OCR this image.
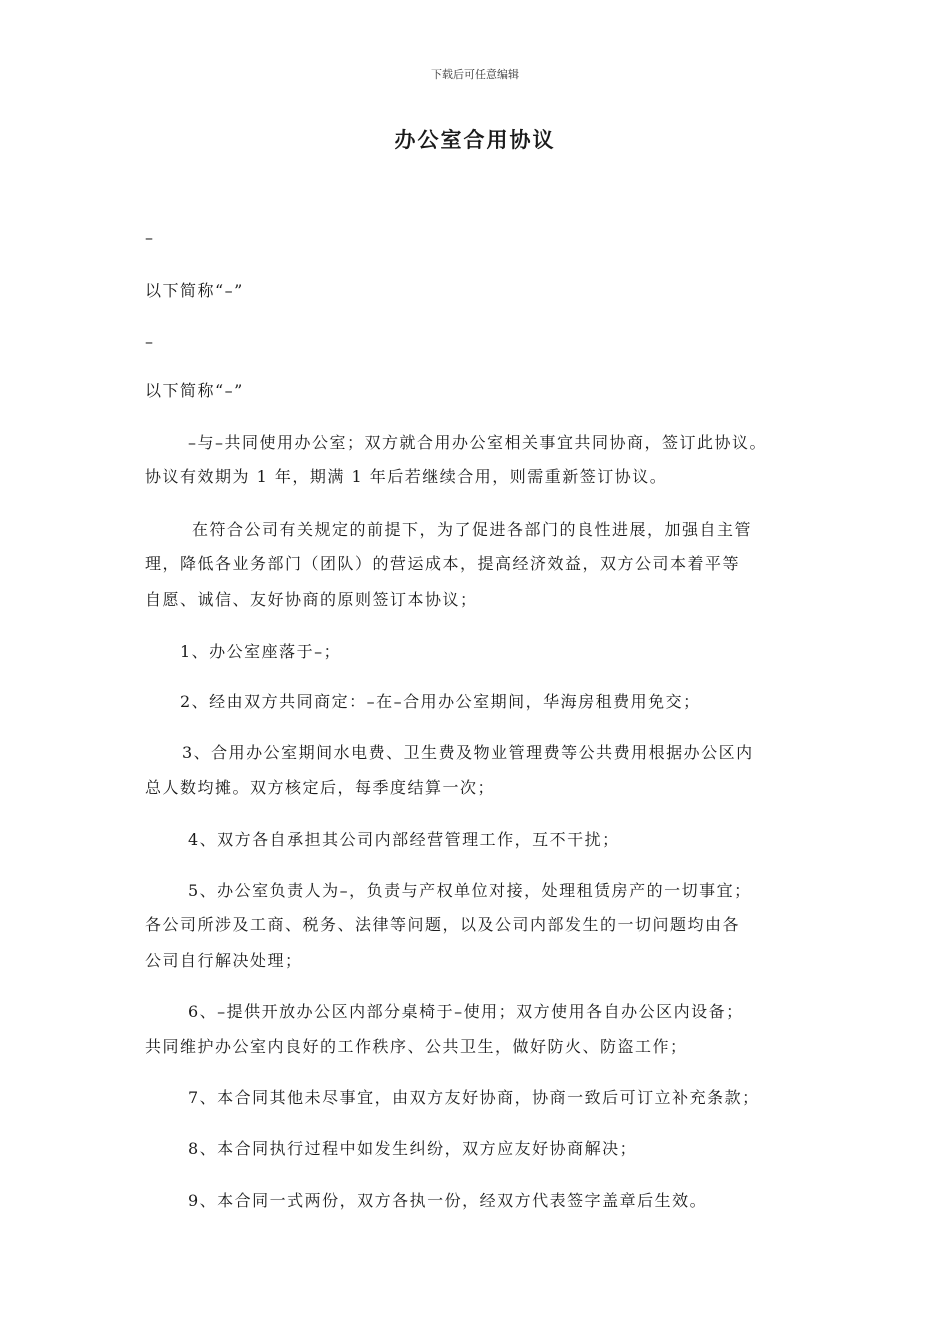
下载后可任意编辑
办公室合用协议
–
以下简称“–”
–
以下简称“–”
–与–共同使用办公室；双方就合用办公室相关事宜共同协商，签订此协议。
协议有效期为 1 年，期满 1 年后若继续合用，则需重新签订协议。
在符合公司有关规定的前提下，为了促进各部门的良性进展，加强自主管
理，降低各业务部门（团队）的营运成本，提高经济效益，双方公司本着平等
自愿、诚信、友好协商的原则签订本协议；
1、办公室座落于–；
2、经由双方共同商定：–在–合用办公室期间，华海房租费用免交；
3、合用办公室期间水电费、卫生费及物业管理费等公共费用根据办公区内
总人数均摊。双方核定后，每季度结算一次；
4、双方各自承担其公司内部经营管理工作，互不干扰；
5、办公室负责人为–，负责与产权单位对接，处理租赁房产的一切事宜；
各公司所涉及工商、税务、法律等问题，以及公司内部发生的一切问题均由各
公司自行解决处理；
6、–提供开放办公区内部分桌椅于–使用；双方使用各自办公区内设备；
共同维护办公室内良好的工作秩序、公共卫生，做好防火、防盗工作；
7、本合同其他未尽事宜，由双方友好协商，协商一致后可订立补充条款；
8、本合同执行过程中如发生纠纷，双方应友好协商解决；
9、本合同一式两份，双方各执一份，经双方代表签字盖章后生效。
